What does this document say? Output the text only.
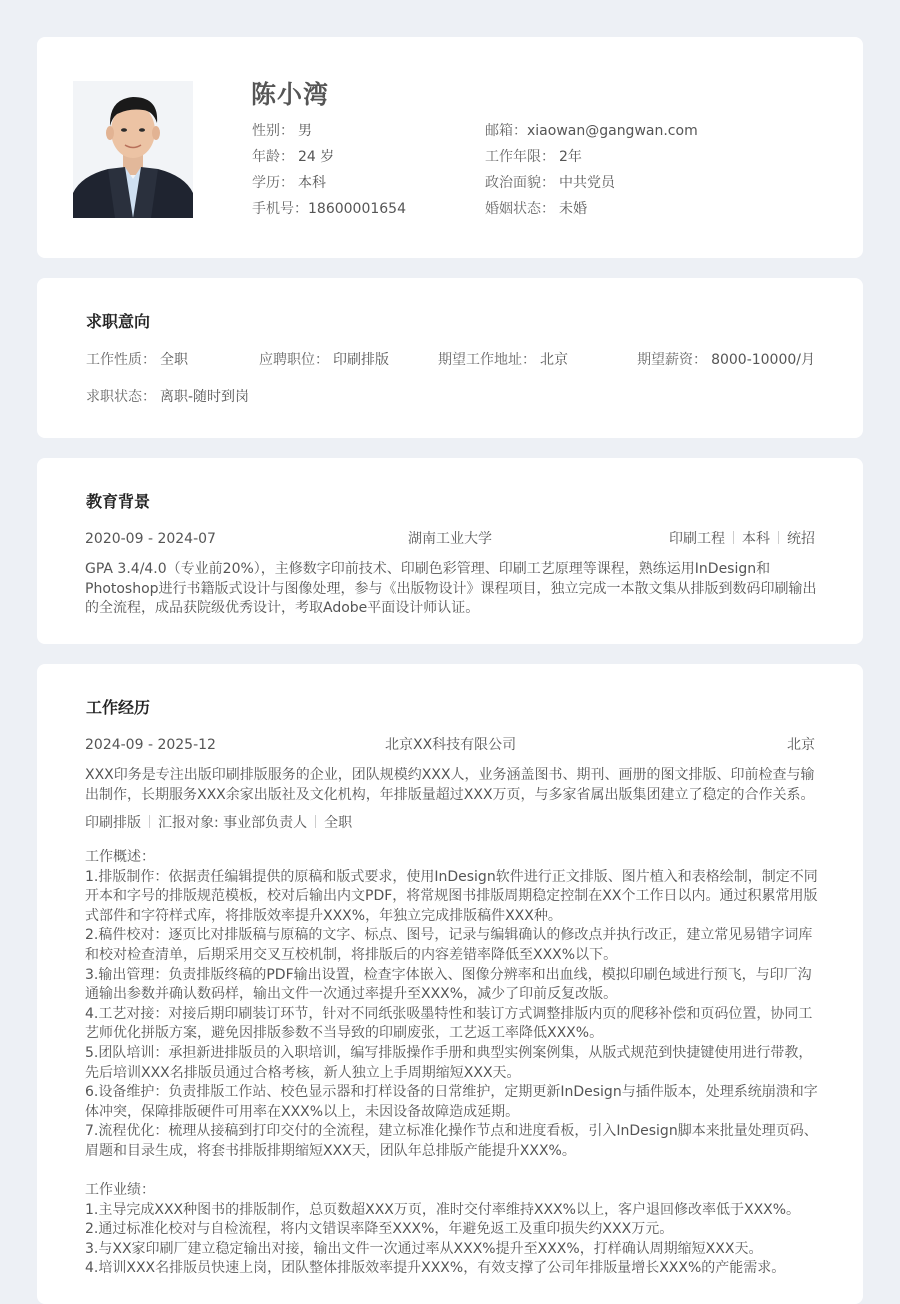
陈小湾
性别： 男
年龄： 24 岁
学历： 本科
手机号：18600001654
邮箱：xiaowan@gangwan.com
工作年限： 2年
政治面貌： 中共党员
婚姻状态： 未婚
求职意向
工作性质： 全职	应聘职位： 印刷排版	期望工作地址： 北京	期望薪资： 8000-10000/月
求职状态： 离职-随时到岗
教育背景
2020-09 - 2024-07	湖南工业大学	印刷工程 本科 统招
GPA 3.4/4.0（专业前20%），主修数字印前技术、印刷色彩管理、印刷工艺原理等课程，熟练运用InDesign和Photoshop进行书籍版式设计与图像处理，参与《出版物设计》课程项目，独立完成一本散文集从排版到数码印刷输出的全流程，成品获院级优秀设计，考取Adobe平面设计师认证。
工作经历
2024-09 - 2025-12	北京XX科技有限公司	北京
XXX印务是专注出版印刷排版服务的企业，团队规模约XXX人，业务涵盖图书、期刊、画册的图文排版、印前检查与输出制作，长期服务XXX余家出版社及文化机构，年排版量超过XXX万页，与多家省属出版集团建立了稳定的合作关系。
印刷排版 汇报对象: 事业部负责人 全职
工作概述：
1.排版制作：依据责任编辑提供的原稿和版式要求，使用InDesign软件进行正文排版、图片植入和表格绘制，制定不同开本和字号的排版规范模板，校对后输出内文PDF，将常规图书排版周期稳定控制在XX个工作日以内。通过积累常用版式部件和字符样式库，将排版效率提升XXX%，年独立完成排版稿件XXX种。
2.稿件校对：逐页比对排版稿与原稿的文字、标点、图号，记录与编辑确认的修改点并执行改正，建立常见易错字词库和校对检查清单，后期采用交叉互校机制，将排版后的内容差错率降低至XXX%以下。
3.输出管理：负责排版终稿的PDF输出设置，检查字体嵌入、图像分辨率和出血线，模拟印刷色域进行预飞，与印厂沟通输出参数并确认数码样，输出文件一次通过率提升至XXX%，减少了印前反复改版。
4.工艺对接：对接后期印刷装订环节，针对不同纸张吸墨特性和装订方式调整排版内页的爬移补偿和页码位置，协同工艺师优化拼版方案，避免因排版参数不当导致的印刷废张，工艺返工率降低XXX%。
5.团队培训：承担新进排版员的入职培训，编写排版操作手册和典型实例案例集，从版式规范到快捷键使用进行带教，先后培训XXX名排版员通过合格考核，新人独立上手周期缩短XXX天。
6.设备维护：负责排版工作站、校色显示器和打样设备的日常维护，定期更新InDesign与插件版本，处理系统崩溃和字体冲突，保障排版硬件可用率在XXX%以上，未因设备故障造成延期。
7.流程优化：梳理从接稿到打印交付的全流程，建立标准化操作节点和进度看板，引入InDesign脚本来批量处理页码、眉题和目录生成，将套书排版排期缩短XXX天，团队年总排版产能提升XXX%。
工作业绩：
1.主导完成XXX种图书的排版制作，总页数超XXX万页，准时交付率维持XXX%以上，客户退回修改率低于XXX%。
2.通过标准化校对与自检流程，将内文错误率降至XXX%，年避免返工及重印损失约XXX万元。
3.与XX家印刷厂建立稳定输出对接，输出文件一次通过率从XXX%提升至XXX%，打样确认周期缩短XXX天。
4.培训XXX名排版员快速上岗，团队整体排版效率提升XXX%，有效支撑了公司年排版量增长XXX%的产能需求。
